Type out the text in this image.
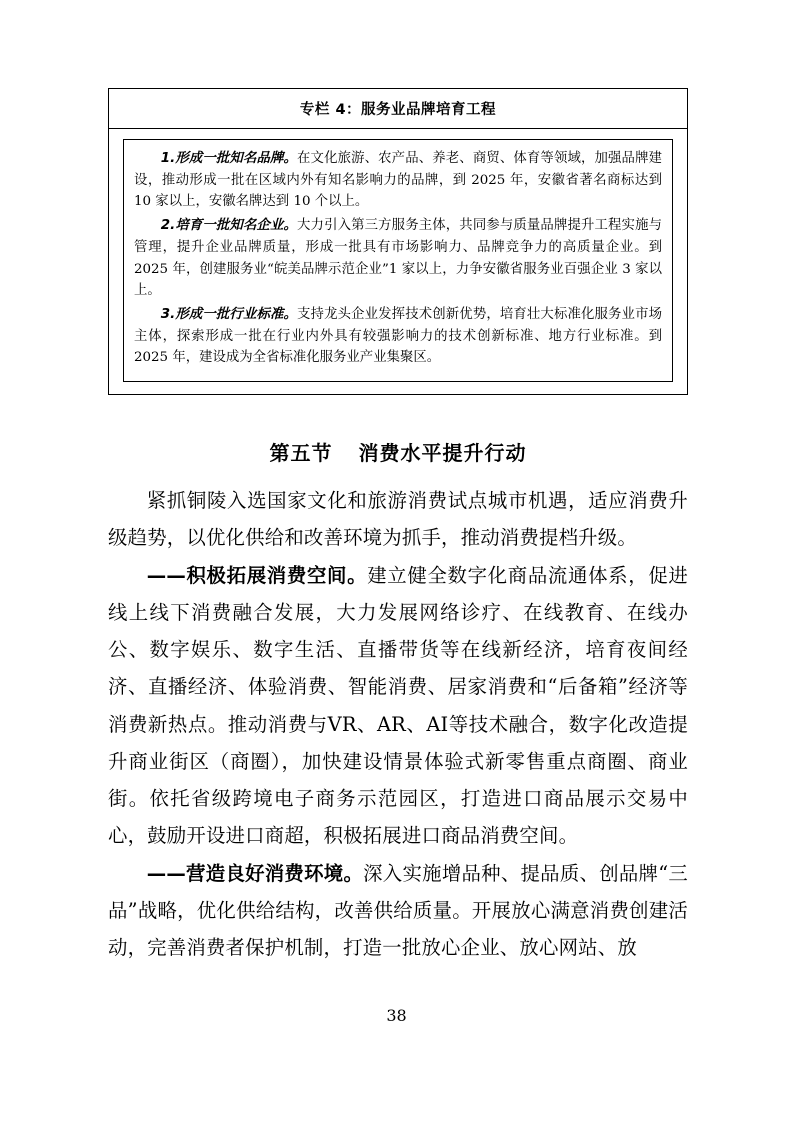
专栏 4：服务业品牌培育工程

1.形成一批知名品牌。在文化旅游、农产品、养老、商贸、体育等领域，加强品牌建设，推动形成一批在区域内外有知名影响力的品牌，到 2025 年，安徽省著名商标达到 10 家以上，安徽名牌达到 10 个以上。

2.培育一批知名企业。大力引入第三方服务主体，共同参与质量品牌提升工程实施与管理，提升企业品牌质量，形成一批具有市场影响力、品牌竞争力的高质量企业。到 2025 年，创建服务业“皖美品牌示范企业”1 家以上，力争安徽省服务业百强企业 3 家以上。

3.形成一批行业标准。支持龙头企业发挥技术创新优势，培育壮大标准化服务业市场主体，探索形成一批在行业内外具有较强影响力的技术创新标准、地方行业标准。到 2025 年，建设成为全省标准化服务业产业集聚区。

第五节 消费水平提升行动

紧抓铜陵入选国家文化和旅游消费试点城市机遇，适应消费升级趋势，以优化供给和改善环境为抓手，推动消费提档升级。

——积极拓展消费空间。建立健全数字化商品流通体系，促进线上线下消费融合发展，大力发展网络诊疗、在线教育、在线办公、数字娱乐、数字生活、直播带货等在线新经济，培育夜间经济、直播经济、体验消费、智能消费、居家消费和“后备箱”经济等消费新热点。推动消费与VR、AR、AI等技术融合，数字化改造提升商业街区（商圈），加快建设情景体验式新零售重点商圈、商业街。依托省级跨境电子商务示范园区，打造进口商品展示交易中心，鼓励开设进口商超，积极拓展进口商品消费空间。

——营造良好消费环境。深入实施增品种、提品质、创品牌“三品”战略，优化供给结构，改善供给质量。开展放心满意消费创建活动，完善消费者保护机制，打造一批放心企业、放心网站、放

38
